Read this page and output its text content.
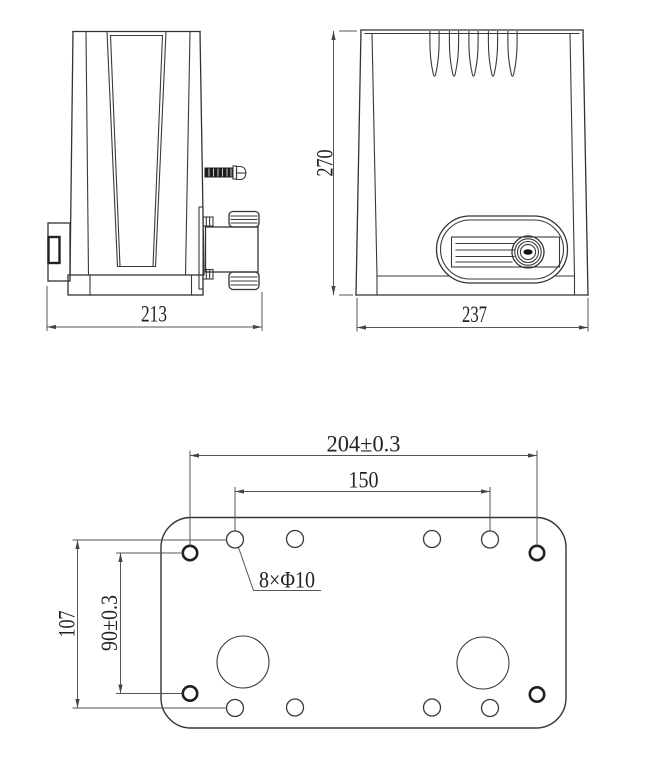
213
270
237
204±0.3
150
107 90±0.3
8×Φ10
